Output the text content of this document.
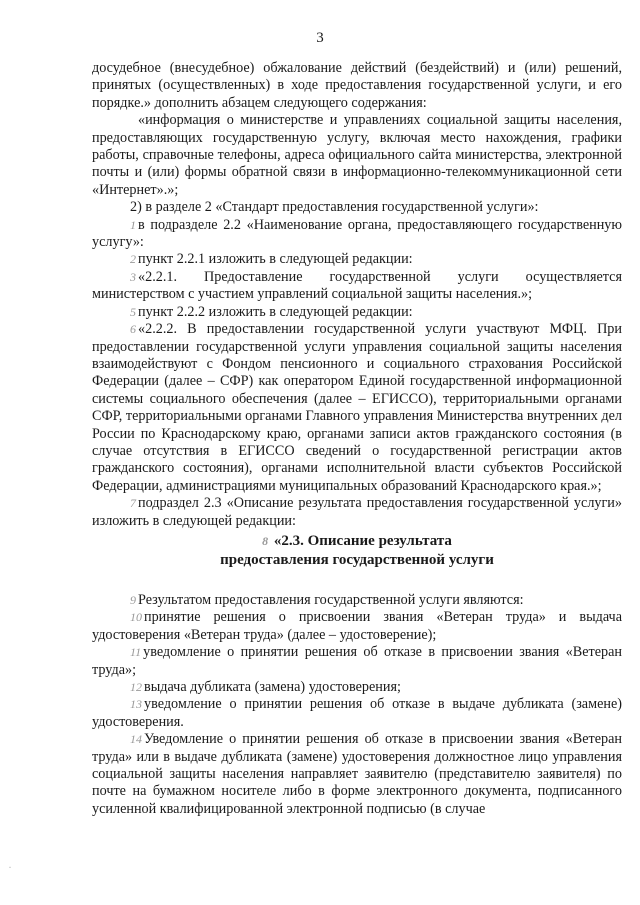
3

досудебное (внесудебное) обжалование действий (бездействий) и (или) решений, принятых (осуществленных) в ходе предоставления государственной услуги, и его порядке.» дополнить абзацем следующего содержания:

«информация о министерстве и управлениях социальной защиты населения, предоставляющих государственную услугу, включая место нахождения, графики работы, справочные телефоны, адреса официального сайта министерства, электронной почты и (или) формы обратной связи в информационно-телекоммуникационной сети «Интернет».»;

2) в разделе 2 «Стандарт предоставления государственной услуги»:

1 в подразделе 2.2 «Наименование органа, предоставляющего государственную услугу»:

2 пункт 2.2.1 изложить в следующей редакции:

3 «2.2.1. Предоставление государственной услуги осуществляется министерством с участием управлений социальной защиты населения.»;

5 пункт 2.2.2 изложить в следующей редакции:

6 «2.2.2. В предоставлении государственной услуги участвуют МФЦ. При предоставлении государственной услуги управления социальной защиты населения взаимодействуют с Фондом пенсионного и социального страхования Российской Федерации (далее – СФР) как оператором Единой государственной информационной системы социального обеспечения (далее – ЕГИССО), территориальными органами СФР, территориальными органами Главного управления Министерства внутренних дел России по Краснодарскому краю, органами записи актов гражданского состояния (в случае отсутствия в ЕГИССО сведений о государственной регистрации актов гражданского состояния), органами исполнительной власти субъектов Российской Федерации, администрациями муниципальных образований Краснодарского края.»;

7 подраздел 2.3 «Описание результата предоставления государственной услуги» изложить в следующей редакции:

8 «2.3. Описание результата
предоставления государственной услуги

9 Результатом предоставления государственной услуги являются:

10 принятие решения о присвоении звания «Ветеран труда» и выдача удостоверения «Ветеран труда» (далее – удостоверение);

11 уведомление о принятии решения об отказе в присвоении звания «Ветеран труда»;

12 выдача дубликата (замена) удостоверения;

13 уведомление о принятии решения об отказе в выдаче дубликата (замене) удостоверения.

14 Уведомление о принятии решения об отказе в присвоении звания «Ветеран труда» или в выдаче дубликата (замене) удостоверения должностное лицо управления социальной защиты населения направляет заявителю (представителю заявителя) по почте на бумажном носителе либо в форме электронного документа, подписанного усиленной квалифицированной электронной подписью (в случае

·
